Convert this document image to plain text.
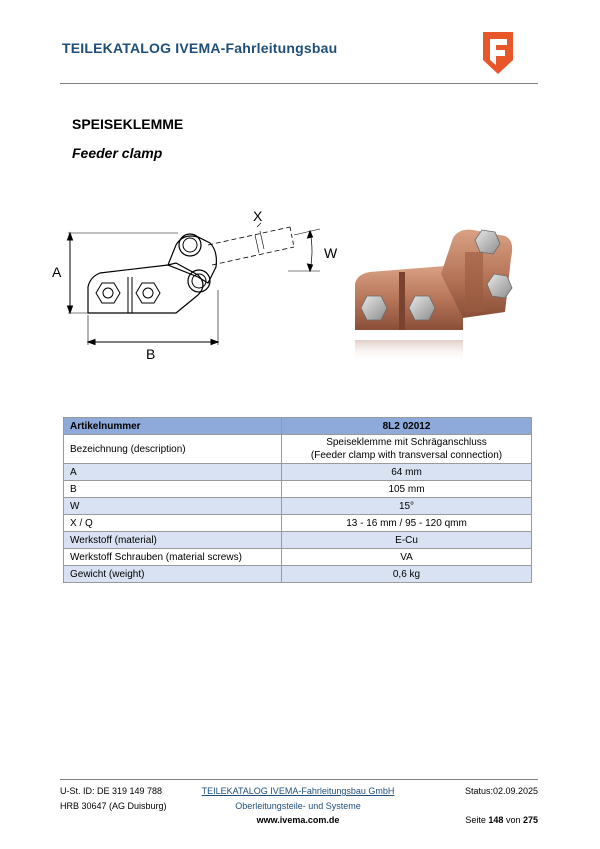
TEILEKATALOG IVEMA-Fahrleitungsbau
SPEISEKLEMME
Feeder clamp
A
B
X
W
Artikelnummer	8L2 02012
Bezeichnung (description)	Speiseklemme mit Schräganschluss
(Feeder clamp with transversal connection)

A	64 mm
B	105 mm
W	15°
X / Q	13 - 16 mm / 95 - 120 qmm
Werkstoff (material)	E-Cu
Werkstoff Schrauben (material screws)	VA
Gewicht (weight)	0,6 kg
U-St. ID: DE 319 149 788
HRB 30647 (AG Duisburg)
TEILEKATALOG IVEMA-Fahrleitungsbau GmbH
Oberleitungsteile- und Systeme
www.ivema.com.de
Status:02.09.2025
Seite 148 von 275
